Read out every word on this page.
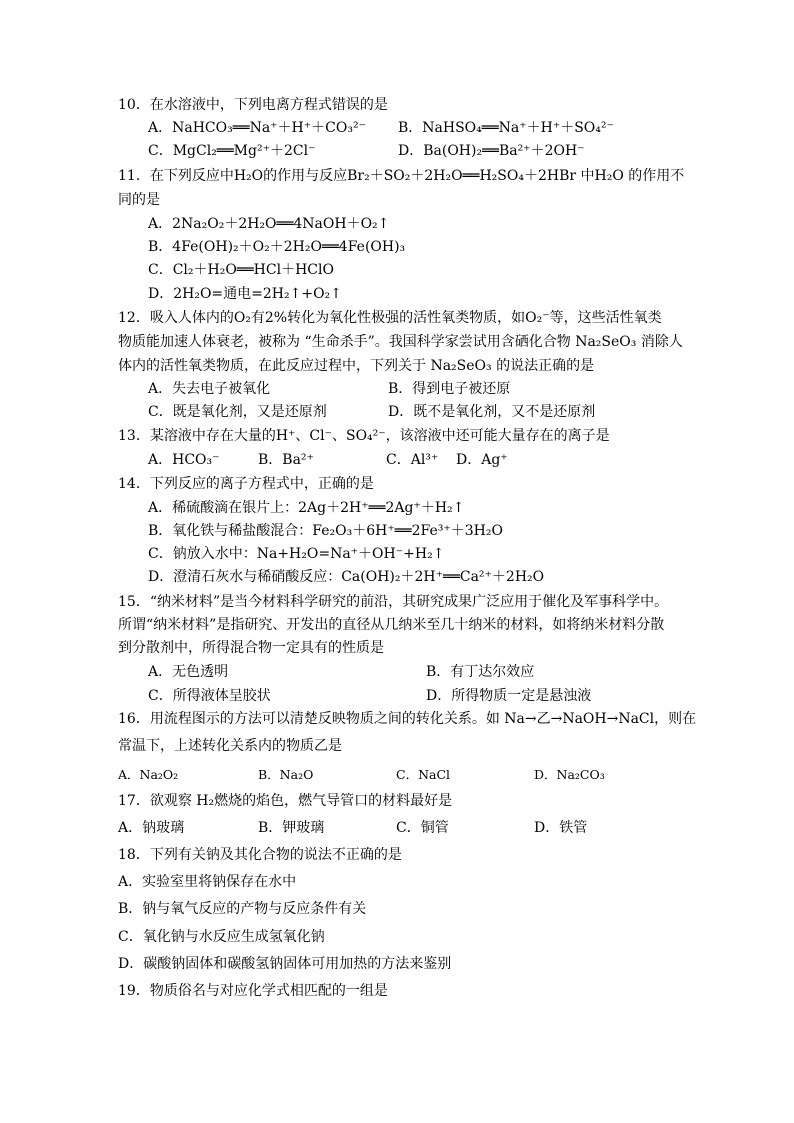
10．在水溶液中，下列电离方程式错误的是
A．NaHCO₃══Na⁺＋H⁺＋CO₃²⁻ B．NaHSO₄══Na⁺＋H⁺＋SO₄²⁻
C．MgCl₂══Mg²⁺＋2Cl⁻	D．Ba(OH)₂══Ba²⁺＋2OH⁻
11．在下列反应中H₂O的作用与反应Br₂＋SO₂＋2H₂O══H₂SO₄＋2HBr 中H₂O 的作用不
同的是
A．2Na₂O₂＋2H₂O══4NaOH＋O₂↑
B．4Fe(OH)₂＋O₂＋2H₂O══4Fe(OH)₃
C．Cl₂＋H₂O══HCl＋HClO
D．2H₂O=通电=2H₂↑+O₂↑
12．吸入人体内的O₂有2%转化为氧化性极强的活性氧类物质，如O₂⁻等，这些活性氧类
物质能加速人体衰老，被称为 “生命杀手”。我国科学家尝试用含硒化合物 Na₂SeO₃ 消除人
体内的活性氧类物质，在此反应过程中，下列关于 Na₂SeO₃ 的说法正确的是
A．失去电子被氧化	B．得到电子被还原
C．既是氧化剂，又是还原剂	D．既不是氧化剂，又不是还原剂
13．某溶液中存在大量的H⁺、Cl⁻、SO₄²⁻，该溶液中还可能大量存在的离子是
A．HCO₃⁻	B．Ba²⁺	C．Al³⁺ D．Ag⁺
14．下列反应的离子方程式中，正确的是
A．稀硫酸滴在银片上：2Ag＋2H⁺══2Ag⁺＋H₂↑
B．氧化铁与稀盐酸混合：Fe₂O₃＋6H⁺══2Fe³⁺＋3H₂O
C．钠放入水中：Na+H₂O=Na⁺＋OH⁻+H₂↑
D．澄清石灰水与稀硝酸反应：Ca(OH)₂＋2H⁺══Ca²⁺＋2H₂O
15．“纳米材料”是当今材料科学研究的前沿，其研究成果广泛应用于催化及军事科学中。
所谓“纳米材料”是指研究、开发出的直径从几纳米至几十纳米的材料，如将纳米材料分散
到分散剂中，所得混合物一定具有的性质是
A．无色透明	B．有丁达尔效应
C．所得液体呈胶状	D．所得物质一定是悬浊液
16．用流程图示的方法可以清楚反映物质之间的转化关系。如 Na→乙→NaOH→NaCl，则在
常温下，上述转化关系内的物质乙是
A．Na₂O₂	B．Na₂O	C．NaCl	D．Na₂CO₃
17．欲观察 H₂燃烧的焰色，燃气导管口的材料最好是
A．钠玻璃	B．钾玻璃	C．铜管	D．铁管
18．下列有关钠及其化合物的说法不正确的是
A．实验室里将钠保存在水中
B．钠与氧气反应的产物与反应条件有关
C．氧化钠与水反应生成氢氧化钠
D．碳酸钠固体和碳酸氢钠固体可用加热的方法来鉴别
19．物质俗名与对应化学式相匹配的一组是
